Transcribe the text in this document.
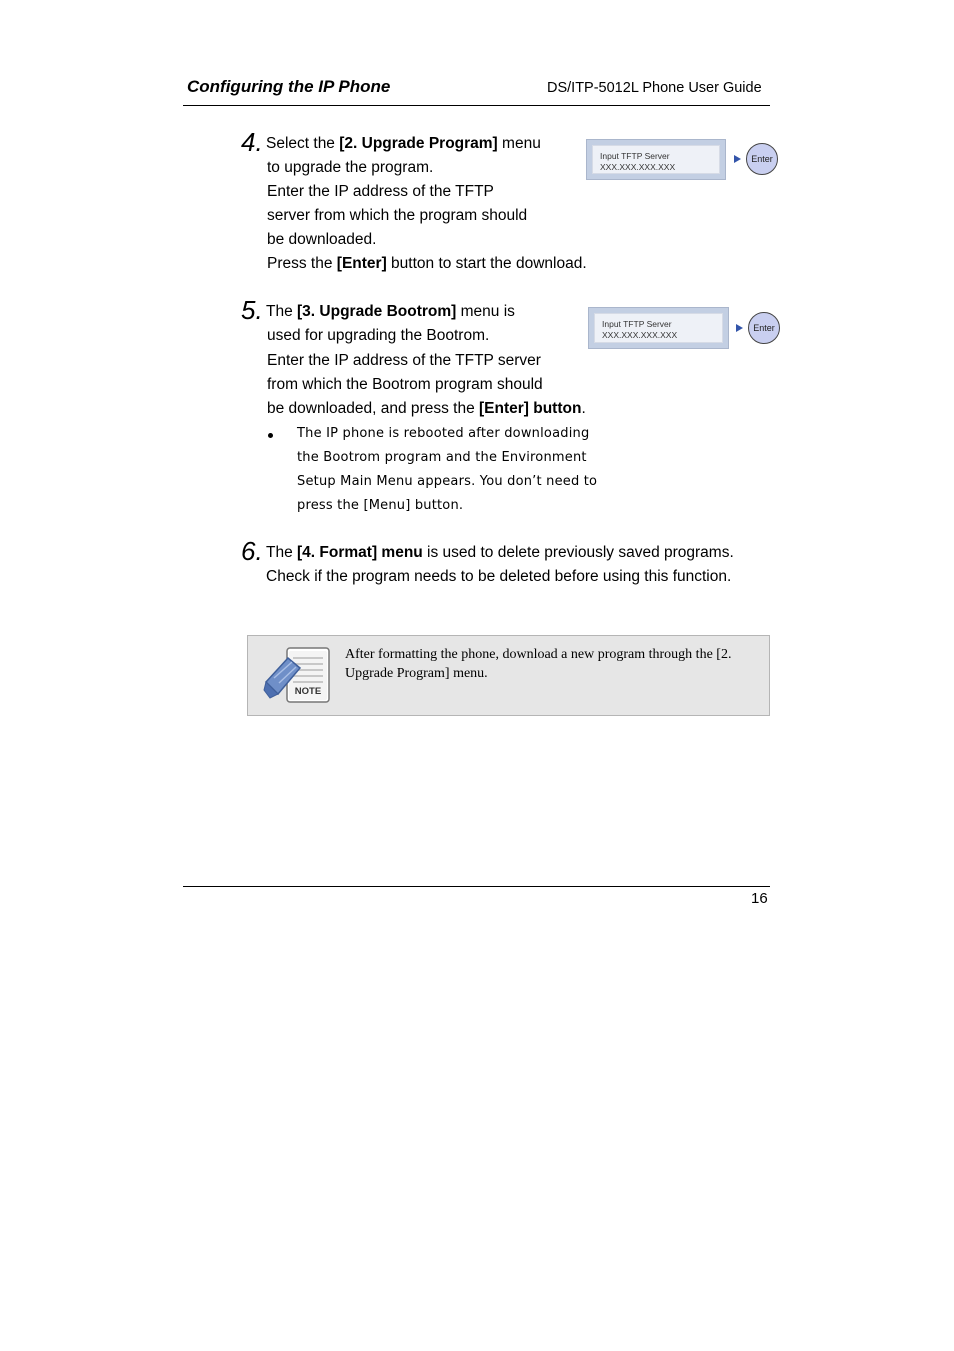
Configuring the IP Phone	DS/ITP-5012L Phone User Guide
4. Select the [2. Upgrade Program] menu
to upgrade the program.
Enter the IP address of the TFTP
server from which the program should
be downloaded.
Press the [Enter] button to start the download.
Input TFTP Server
XXX.XXX.XXX.XXX
Enter
5. The [3. Upgrade Bootrom] menu is
used for upgrading the Bootrom.
Enter the IP address of the TFTP server
from which the Bootrom program should
be downloaded, and press the [Enter] button.
The IP phone is rebooted after downloading
the Bootrom program and the Environment
Setup Main Menu appears. You don’t need to
press the [Menu] button.
Input TFTP Server
XXX.XXX.XXX.XXX
Enter
6. The [4. Format] menu is used to delete previously saved programs.
Check if the program needs to be deleted before using this function.
NOTE
After formatting the phone, download a new program through the [2.
Upgrade Program] menu.
16
